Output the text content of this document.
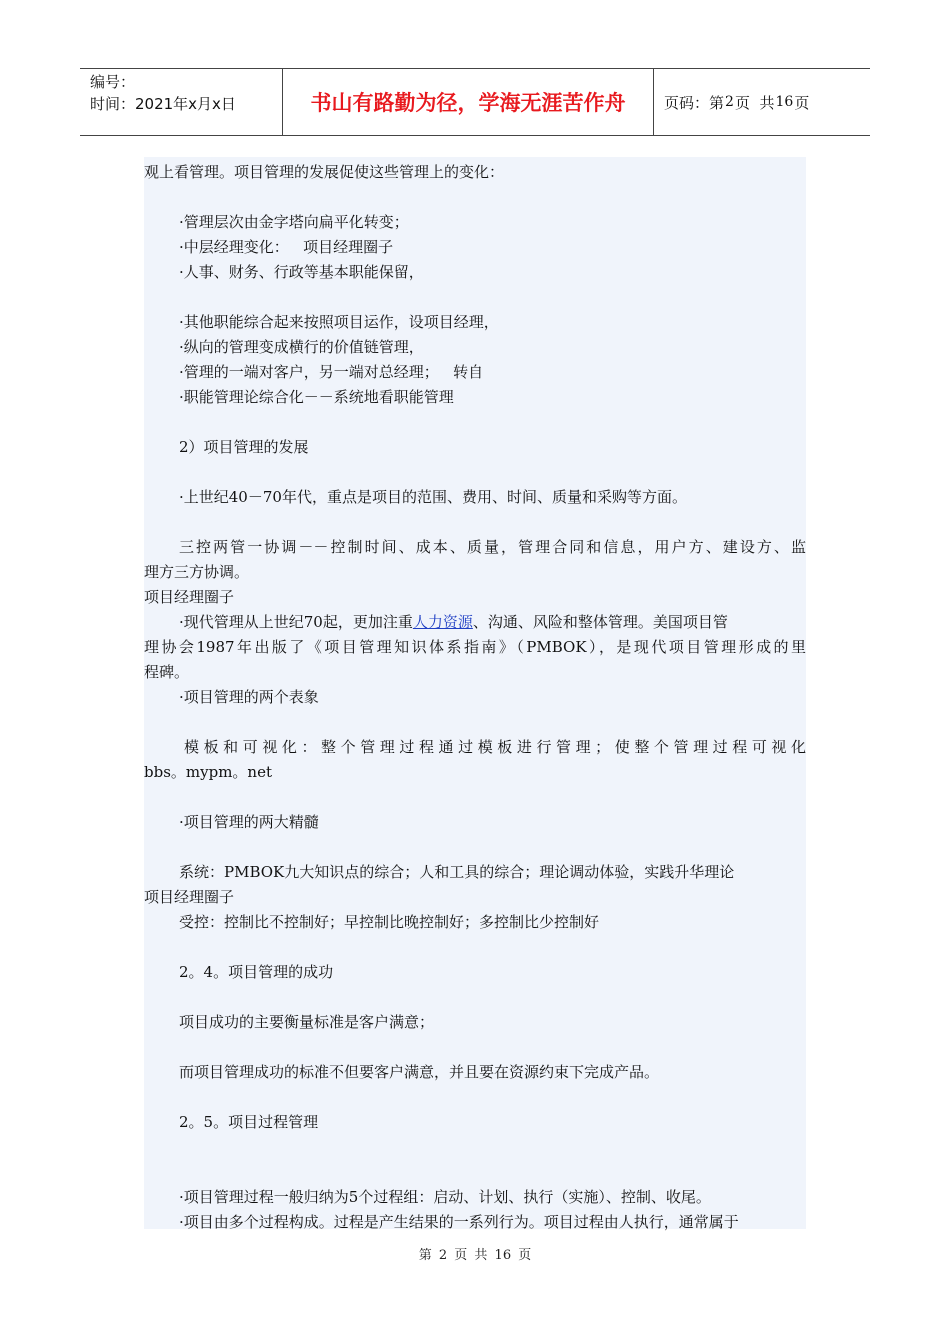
编号：
时间：2021年x月x日	书山有路勤为径，学海无涯苦作舟	页码：第 2 页  共 16 页
观上看管理。项目管理的发展促使这些管理上的变化：
·管理层次由金字塔向扁平化转变；
·中层经理变化：   项目经理圈子
·人事、财务、行政等基本职能保留，
·其他职能综合起来按照项目运作，设项目经理，
·纵向的管理变成横行的价值链管理，
·管理的一端对客户，另一端对总经理；   转自
·职能管理论综合化－－系统地看职能管理
2）项目管理的发展
·上世纪40－70年代，重点是项目的范围、费用、时间、质量和采购等方面。
三控两管一协调－－控制时间、成本、质量，管理合同和信息，用户方、建设方、监
理方三方协调。
项目经理圈子
·现代管理从上世纪70起，更加注重人力资源、沟通、风险和整体管理。美国项目管
理协会1987年出版了《项目管理知识体系指南》（PMBOK），是现代项目管理形成的里
程碑。
·项目管理的两个表象
模板和可视化：整个管理过程通过模板进行管理；使整个管理过程可视化
bbs。mypm。net
·项目管理的两大精髓
系统：PMBOK九大知识点的综合；人和工具的综合；理论调动体验，实践升华理论
项目经理圈子
受控：控制比不控制好；早控制比晚控制好；多控制比少控制好
2。4。项目管理的成功
项目成功的主要衡量标准是客户满意；
而项目管理成功的标准不但要客户满意，并且要在资源约束下完成产品。
2。5。项目过程管理
·项目管理过程一般归纳为5个过程组：启动、计划、执行（实施）、控制、收尾。
·项目由多个过程构成。过程是产生结果的一系列行为。项目过程由人执行，通常属于
第 2 页 共 16 页
